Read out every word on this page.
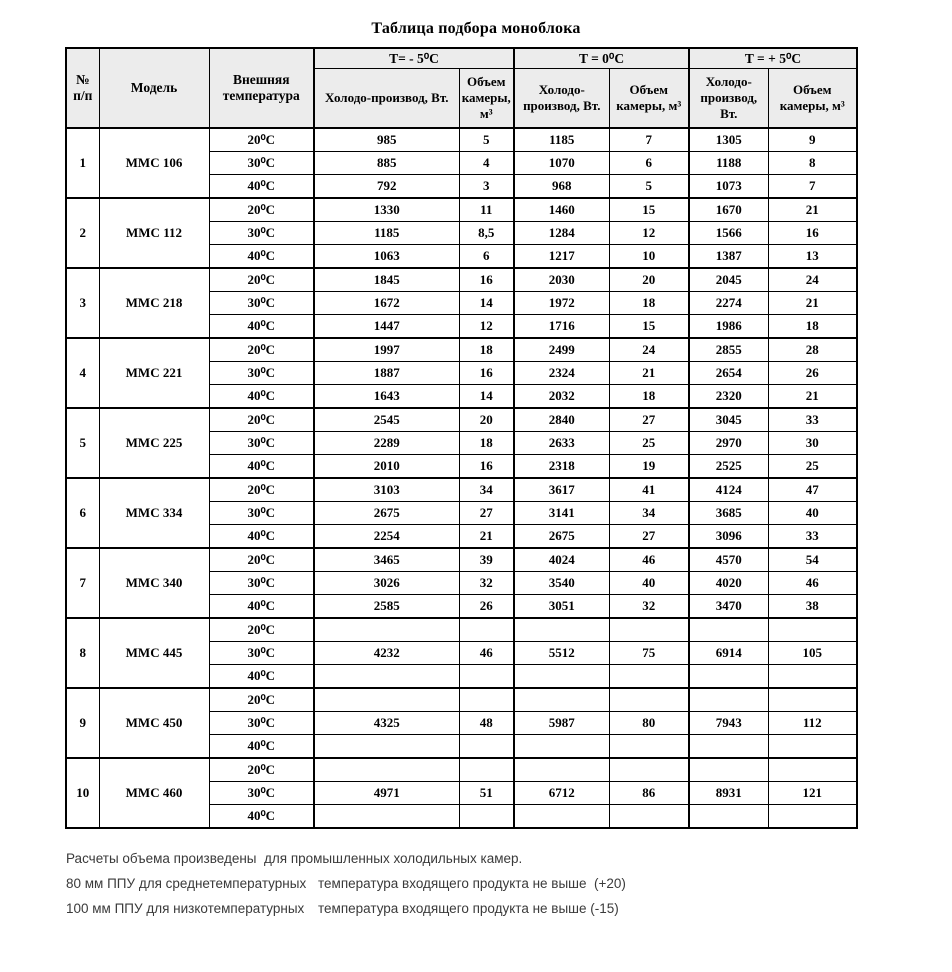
Таблица подбора моноблока
№ п/п	Модель	Внешняя температура	T= - 5⁰C		T = 0⁰C		T = + 5⁰C	
			Холодо-производ, Вт.	Объем камеры, м³	Холодо-производ, Вт.	Объем камеры, м³	Холодо-производ, Вт.	Объем камеры, м³
1	MMC 106	20⁰C	985	5	1185	7	1305	9
		30⁰C	885	4	1070	6	1188	8
		40⁰C	792	3	968	5	1073	7
2	MMC 112	20⁰C	1330	11	1460	15	1670	21
		30⁰C	1185	8,5	1284	12	1566	16
		40⁰C	1063	6	1217	10	1387	13
3	MMC 218	20⁰C	1845	16	2030	20	2045	24
		30⁰C	1672	14	1972	18	2274	21
		40⁰C	1447	12	1716	15	1986	18
4	MMC 221	20⁰C	1997	18	2499	24	2855	28
		30⁰C	1887	16	2324	21	2654	26
		40⁰C	1643	14	2032	18	2320	21
5	MMC 225	20⁰C	2545	20	2840	27	3045	33
		30⁰C	2289	18	2633	25	2970	30
		40⁰C	2010	16	2318	19	2525	25
6	MMC 334	20⁰C	3103	34	3617	41	4124	47
		30⁰C	2675	27	3141	34	3685	40
		40⁰C	2254	21	2675	27	3096	33
7	MMC 340	20⁰C	3465	39	4024	46	4570	54
		30⁰C	3026	32	3540	40	4020	46
		40⁰C	2585	26	3051	32	3470	38
8	MMC 445	20⁰C						
		30⁰C	4232	46	5512	75	6914	105
		40⁰C						
9	MMC 450	20⁰C						
		30⁰C	4325	48	5987	80	7943	112
		40⁰C						
10	MMC 460	20⁰C						
		30⁰C	4971	51	6712	86	8931	121
		40⁰C						
Расчеты объема произведены  для промышленных холодильных камер.
80 мм ППУ для среднетемпературных температура входящего продукта не выше  (+20)
100 мм ППУ для низкотемпературных	температура входящего продукта не выше (-15)
